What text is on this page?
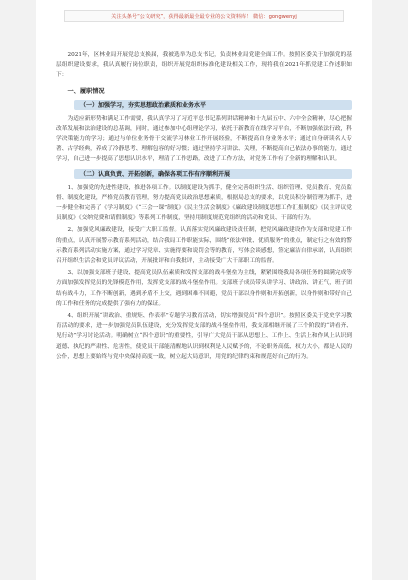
关注头条号“公文研究”，获得最新最全最专业的公文资料库！ 微信：gongwenyj

2021年，区林业局开展党总支换届，我被选举为总支书记，负责林业局党建全面工作。按照区委关于加强党的基层组织建设要求，我认真履行岗位职责，组织开展党组织标准化建设相关工作，现将我在2021年抓党建工作述职如下：

一、履职情况
（一）加强学习，夯实思想政治素质和业务水平

为适应新形势和满足工作需要，我认真学习了习近平总书记系列讲话精神和十九届五中、六中全会精神，尽心把握改革发展和法治建设的总基调，同时，通过参加中心组理论学习，依托于新教育在线学习平台，不断加强依法行政，科学决策能力的学习；通过与单位业务骨干交流学习林业工作开展经验，不断提高自身业务水平；通过自身研读名人专著、古学经典，养成了冷静思考、理解包容的好习惯；通过坚持学习讲法、关理，不断提高自己依法办事的能力，通过学习，自己进一步提高了思想认识水平，理清了工作思路，改进了工作方法，对党务工作有了全新的理解和认识。

（二）认真负责、开拓创新，确保各项工作有序顺利开展

1、加强党的先进性建设，推进各项工作。以制度建设为抓手，健全完善组织生活、组织管理、党员教育、党员监督、制度化建设，严格党员教育管理，努力提高党员政治思想素质，根据局总支的要求，以党员积分制管理为抓手，进一步健全和完善了《学习制度》《“三会一课”制度》《民主生活会制度》《廉政建设制度思想工作汇报制度》《民主评议党员制度》《交纳党费和请假制度》等系列工作制度，坚持用制度规范党组织的活动和党员、干部的行为。

2、加强党风廉政建设，接受广大职工监督。认真落实党风廉政建设责任制，把党风廉政建设作为支部和党建工作的重点，认真开展警示教育系列活动，结合我局工作职能实际，围绕“依法审批、优质服务”的重点，制定行之有效的警示教育系列活动实施方案，通过学习党章、实施得要和说罚会等的教育，写体会谈感想，签定廉洁自律承诺，认真组织召开组织生活会和党员评议活动，开展批评和自我批评，主动接受广大干部职工的监督。

3、以加强支部班子建设、提高党员队伍素质和发挥支部的战斗堡垒为主线，紧紧围绕我局各项任务的圆满完成等方面加强发挥党员的先锋模范作用，发挥党支部的战斗堡垒作用。支部班子成员带头讲学习、讲政治、讲正气，班子团结有战斗力，工作不断创新，遇到矛盾不上交，遇到困难不回避，党员干部以身作则和开拓创新，以身作则和带好自己的工作和任务的完成提供了强有力的保证。

4、组织开展“讲政治、重规矩、作表率”专题学习教育活动，切实增强党员“四个意识”。按照区委关于党史学习教育活动的要求，进一步加强党员队伍建设，充分发挥党支部的战斗堡垒作用，我支部相继开展了三个阶段的“讲看齐、见行动”学习讨论活动。明确树立“四个意识”的重要性，引导广大党员干部从思想上、工作上、生活上和作风上认识到道德、执纪的严肃性、危害性，使党员干部能清醒地认识到权利是人民赋予的，不论职务高低、权力大小，都是人民的公仆，思想上要始终与党中央保持高度一致，树立起大局意识，用党的纪律约束和规范好自己的行为。
